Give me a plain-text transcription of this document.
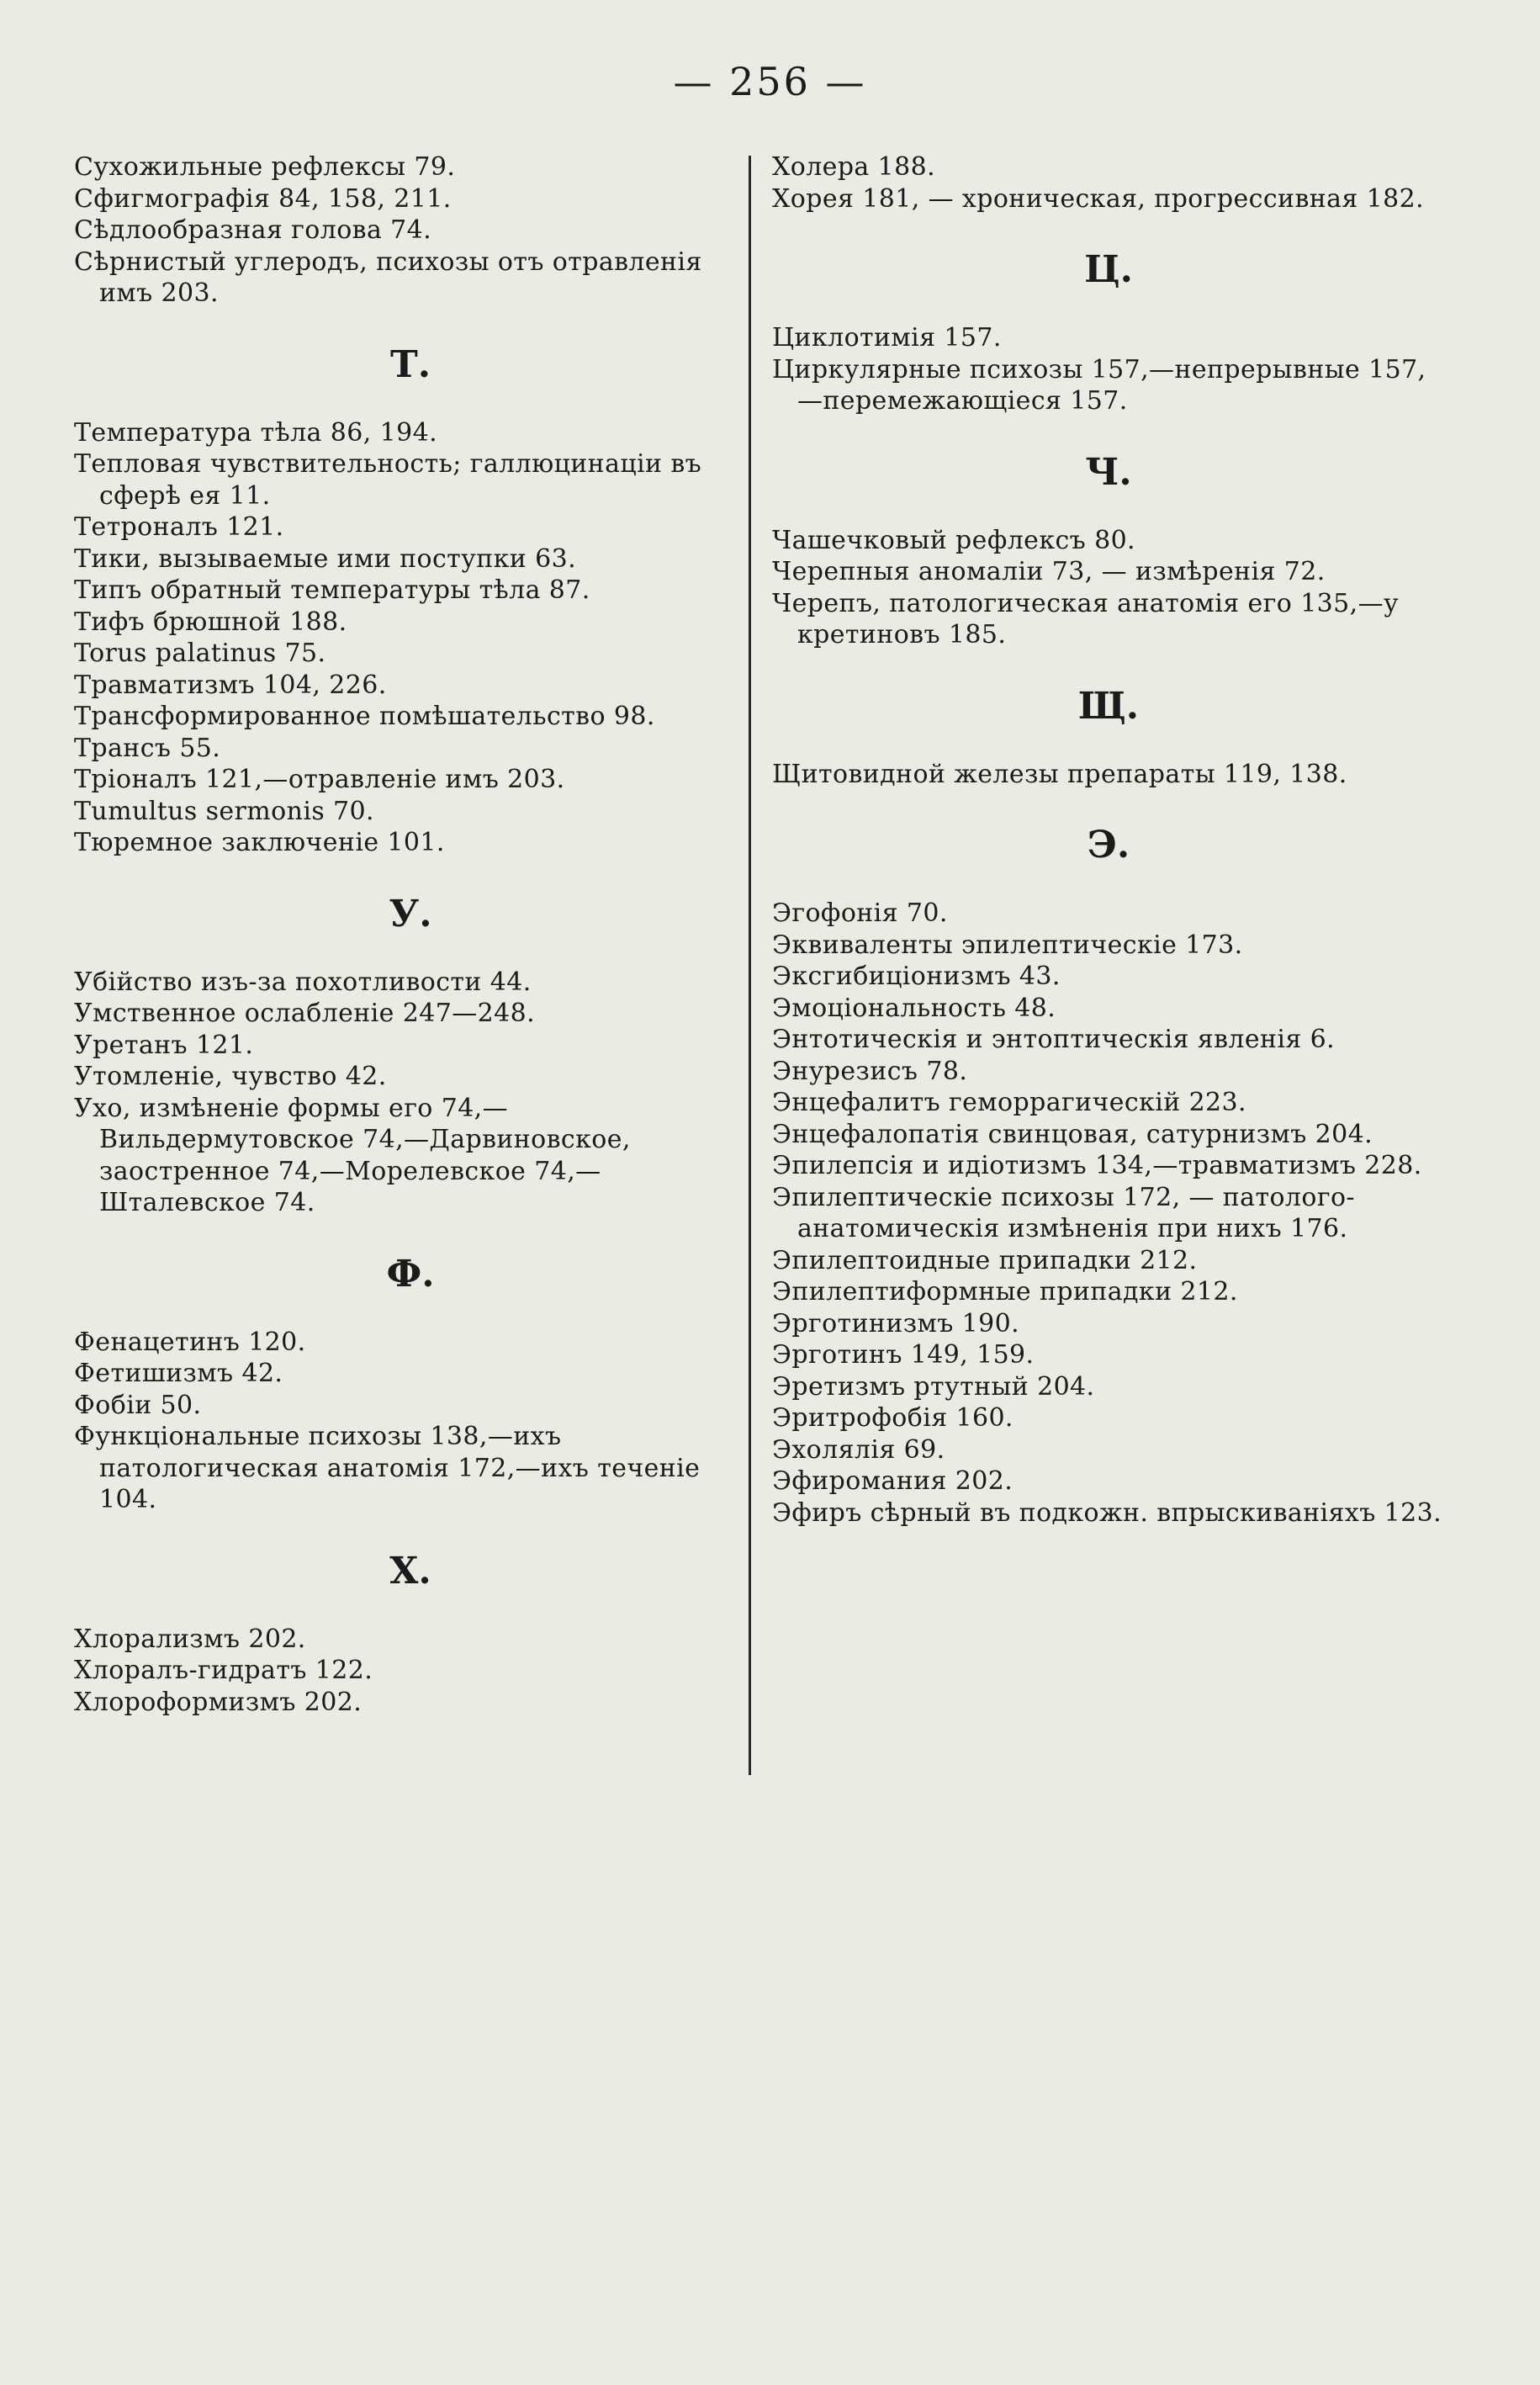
— 256 —
Сухожильные рефлексы 79.
Сфигмографія 84, 158, 211.
Сѣдлообразная голова 74.
Сѣрнистый углеродъ, психозы отъ отравленія имъ 203.
Т.
Температура тѣла 86, 194.
Тепловая чувствительность; галлюцинаціи въ сферѣ ея 11.
Тетроналъ 121.
Тики, вызываемые ими поступки 63.
Типъ обратный температуры тѣла 87.
Тифъ брюшной 188.
Torus palatinus 75.
Травматизмъ 104, 226.
Трансформированное помѣшательство 98.
Трансъ 55.
Тріоналъ 121,—отравленіе имъ 203.
Tumultus sermonis 70.
Тюремное заключеніе 101.
У.
Убійство изъ-за похотливости 44.
Умственное ослабленіе 247—248.
Уретанъ 121.
Утомленіе, чувство 42.
Ухо, измѣненіе формы его 74,—Вильдермутовское 74,—Дарвиновское, заостренное 74,—Морелевское 74,—Шталевское 74.
Ф.
Фенацетинъ 120.
Фетишизмъ 42.
Фобіи 50.
Функціональные психозы 138,—ихъ патологическая анатомія 172,—ихъ теченіе 104.
Х.
Хлорализмъ 202.
Хлоралъ-гидратъ 122.
Хлороформизмъ 202.
Холера 188.
Хорея 181, — хроническая, прогрессивная 182.
Ц.
Циклотимія 157.
Циркулярные психозы 157,—непрерывные 157,—перемежающіеся 157.
Ч.
Чашечковый рефлексъ 80.
Черепныя аномаліи 73, — измѣренія 72.
Черепъ, патологическая анатомія его 135,—у кретиновъ 185.
Щ.
Щитовидной железы препараты 119, 138.
Э.
Эгофонія 70.
Эквиваленты эпилептическіе 173.
Эксгибиціонизмъ 43.
Эмоціональность 48.
Энтотическія и энтоптическія явленія 6.
Энурезисъ 78.
Энцефалитъ геморрагическій 223.
Энцефалопатія свинцовая, сатурнизмъ 204.
Эпилепсія и идіотизмъ 134,—травматизмъ 228.
Эпилептическіе психозы 172, — патолого-анатомическія измѣненія при нихъ 176.
Эпилептоидные припадки 212.
Эпилептиформные припадки 212.
Эрготинизмъ 190.
Эрготинъ 149, 159.
Эретизмъ ртутный 204.
Эритрофобія 160.
Эхолялія 69.
Эфиромания 202.
Эфиръ сѣрный въ подкожн. впрыскиваніяхъ 123.
